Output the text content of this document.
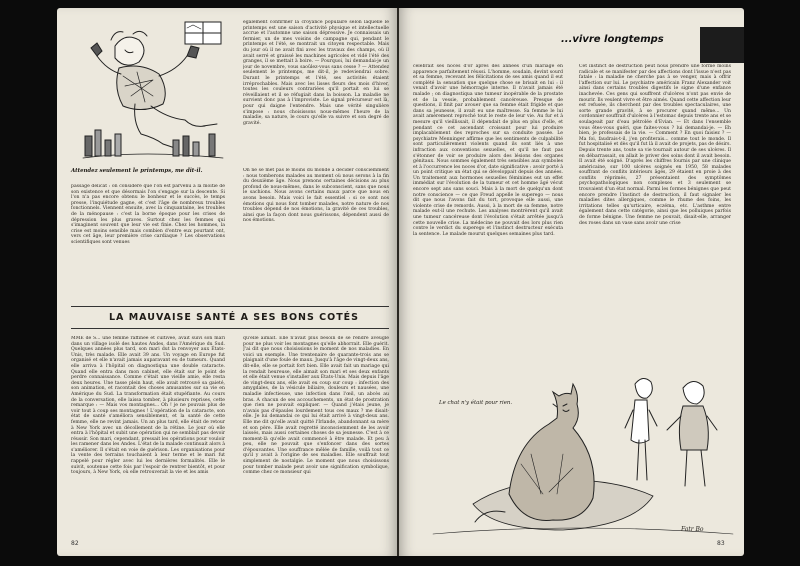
Attendez seulement le printemps, me dit-il.
également confirmer la croyance populaire selon laquelle le printemps est une saison d'activité physique et intellectuelle accrue et l'automne une saison dépressive. Je connaissais un fermier, un de mes voisins de campagne qui, pendant le printemps et l'été, se montrait un citoyen respectable. Mais du jour où il ne avait fini avec les travaux des champs, où il avait serré et graissé les machines agricoles et vidé l'été des granges, il se mettait à boire. — Pourquoi, lui demandai-je un jour de novembre, vous saoûlez-vous sans cesse ? — Attendez seulement le printemps, me dit-il, je redeviendrai sobre. Durant le printemps et l'été, ses activités étaient irréprochables. Mais avec les lisses fleurs des mois d'hiver, toutes les couleurs contrariées qu'il portait en lui se réveillaient et il se réfugiait dans la boisson. La maladie ne survient donc pas à l'improviste. Le signal précurseur est là, pour qui daigne l'entendre. Mais une vérité singulière s'impose : nous choisissons nous-mêmes l'heure de la maladie, sa nature, le cours qu'elle va suivre et son degré de gravité.
passage délicat : on considère que l'on est parvenu à la moitié de son existence et que désormais l'on s'engage sur la descente. Si l'on n'a pas encore obtenu le bonheur et le succès, le temps presse, l'inquiétude gagne, et c'est l'âge de nombreux troubles fonctionnels. Viennent ensuite, avec la cinquantaine, les troubles de la ménopause : c'est la borne époque pour les crises de dépression les plus graves. Surtout chez les femmes qui s'imaginent souvent que leur vie est finie. Chez les hommes, la crise est moins sensible mais combien d'entre eux pourtant ont, vers cet âge, leur première crise cardiaque ? Les observations scientifiques sont venues
On ne se met pas le moins du monde à décider consciemment : nous tomberons malades au moment où nous serons à la fin du deuxième âge. Nous prenons certaines décisions au plus profond de nous-mêmes, dans le subconscient, sans que nous le sachions. Nous avons certains maux parce que nous en avons besoin. Mais voici le fait essentiel : si ce sont nos émotions qui nous font tomber malades, notre nature de nos troubles dépend de nos émotions, la gravité de ces troubles, ainsi que la façon dont nous guérissons, dépendent aussi de nos émotions.
LA MAUVAISE SANTÉ A SES BONS COTÉS
MME de S... une femme raffinée et cultivée, avait suivi son mari dans un village isolé des hautes Andes, dans l'Amérique du Sud. Quelques années plus tard, son mari dut la renvoyer aux États-Unis, très malade. Elle avait 39 ans. Un voyage en Europe fut organisé et elle n'avait jamais auparavant eu de tumeurs. Quand elle arriva à l'hôpital on diagnostiqua une double cataracte. Quand elle entra dans mon cabinet, elle était sur le point de perdre connaissance. Comme c'était une vieille amie, elle resta deux heures. Une tasse plein haut, elle avait retrouvé sa gaieté, son animation, et racontait des choses amusantes sur sa vie en Amérique du Sud. La transformation était stupéfiante. Au cours de la conversation, elle laissa tomber, à plusieurs reprises, cette remarque : — Mais vos montagnes... Oh ! je ne pouvais plus de voir tout à coup ses montagnes ! L'opération de la cataracte, son état de santé s'améliora sensiblement, et la santé de cette femme, elle ne revint jamais. Un an plus tard, elle était de retour à New York avec un décollement de la rétine. Le jour où elle entra à l'hôpital et subit une opération qui ne semblait pas devoir réussir. Son mari, cependant, pressait les opérations pour vouloir les ramener dans les Andes. L'état de la malade continuait alors à s'améliorer. Il s'était en voie de guérison. Les organisations pour la vente des terrains touchaient à leur terme et le mari fut rappelé pour régler avec lui les dernières formalités. Elle le suivit, soutenue cette fois par l'espoir de rentrer bientôt, et pour toujours, à New York, où elle retrouverait la vie et les amis
qu'elle aimait. Elle n'avait plus besoin de se rendre aveugle pour ne plus voir les montagnes qu'elle abhorrait. Elle guérit. J'ai dit que nous choisissions le moment de nos maladies. En voici un exemple. Une trentenaire de quarante-trois ans se plaignait d'une foule de maux. Jusqu'à l'âge de vingt-deux ans, dit-elle, elle se portait fort bien. Elle avait fait un mariage qui la rendait heureuse, elle aimait son mari et ses deux enfants et elle était venue s'installer aux États-Unis. Mais depuis l'âge de vingt-deux ans, elle avait eu coup sur coup : infection des amygdales, de la vésicule biliaire, douleurs et nausées, une maladie infectieuse, une infection dans l'œil, un abcès au bras. A chacun de ses accouchements, un état de prostration que rien ne pouvait expliquer. — Quand j'étais jeune, je n'avais pas d'épaules lourdement tous ces maux ? me disait-elle. Je lui demandai ce qui lui était arrivé à vingt-deux ans. Elle me dit qu'elle avait quitté l'Irlande, abandonnant sa mère et son père. Elle avait regretté inconsciemment de les avoir laissés, mais aussi certaines choses de sa jeunesse. C'est à ce moment-là qu'elle avait commencé à être malade. Et peu à peu, elle ne pouvait que s'enfoncer dans des sortes d'épouvantes. Une souffrance mêlée de famille, voilà tout ce qu'il y avait à l'origine de ses maladies. Elle souffrait tout simplement de nostalgie. Le moment que nous choisissons pour tomber malade peut avoir une signification symbolique, comme chez ce monsieur qui
82
...vivre longtemps
célébrait ses noces d'or après des années d'un mariage en apparence parfaitement réussi. L'homme, soudain, devint sourd et sa femme, recevant les félicitations de ses amis quand il eut complété la sensation que quelque chose se brisait en lui : il venait d'avoir une hémorragie interne. Il n'avait jamais été malade ; on diagnostiqua une tumeur inopérable de la prostate et de la vessie, probablement cancéreuse. Presque de questions, il finit par avouer que sa femme était frigide et que dans sa jeunesse, il avait eu une maîtresse. Sa femme le lui avait amèrement reproché tout le reste de leur vie. Au fur et à mesure qu'il vieillissait, il dépendait de plus en plus d'elle, et pendant ce cet ascendant croissant pour lui produire implacablement des reproches sur sa conduite passée. Le psychiatre Menninger affirme que les sentiments de culpabilité sont particulièrement violents quand ils sont liés à une infraction aux conventions sexuelles, et qu'il ne faut pas s'étonner de voir se produire alors des lésions des organes génitaux. Nous sommes également très sensibles aux symboles et à l'occurrence les noces d'or, date significative : avoir porté à un point critique un état qui se développait depuis des années. Un traitement aux hormones sexuelles féminines eut un effet immédiat sur l'évolution de la tumeur et cet homme âgé vécut encore sept ans sans souci. Mais à la mort de quelqu'un dont notre conscience — ce que Freud appelle le superego — nous dit que nous l'avons fait du tort, provoque elle aussi, une violente crise de remords. Aussi, à la mort de sa femme, notre malade eut-il une rechute. Les analyses montrèrent qu'il avait une tumeur cancéreuse dont l'évolution s'était arrêtée jusqu'à cette nouvelle crise. La médecine ne pouvait des lors plus rien contre le verdict du superego et l'instinct destructeur exécuta la sentence. Le malade mourut quelques semaines plus tard.
Cet instinct de destruction peut nous prendre une forme moins radicale et se manifester par des affections dont l'issue n'est pas fatale : la maladie ne cherche pas à se venger, mais à offrir l'affection sur lui. Le psychiatre américain Franz Alexander voit ainsi dans certains troubles digestifs le signe d'une enfance inachevée. Ces gens qui souffrent d'ulcères n'ont pas envie de mourir. Ils veulent vivre et être aimés. Quand cette affection leur est refusée, ils cherchent par des troubles spectaculaires, une sorte grande gravité, à se procurer quand même... Un cordonnier souffrait d'ulcères à l'estomac depuis trente ans et se soulageait par d'eau pétrolée d'Evian. — Et dans l'ensemble vous êtes-vous guéri, que faites-vous ? lui demandai-je. — Eh bien, je professais de la vie. — Comment ? En quoi faisiez ? — Ma foi, faudrais-t-il, j'en profiterais... comme tout le monde. Il fut hospitalisé et dès qu'il fut là il avait de projets, pas de désirs. Depuis trente ans, toute sa vie tournait autour de ses ulcères. Il en débarrassait, on allait le priver des soins dont il avait besoin. Il avait été soigné. D'après les chiffres fournis par une clinique américaine, sur 100 ulcères soignés en 1950, 58 malades souffrant de conflits intérieurs âgés, 29 étaient en proie à des conflits réprimés, 27 présentaient des symptômes psychopathologiques non complexes et 3 seulement se trouvaient d'un état normal. Parmi les formes bénignes que peut encore prendre l'instinct de destruction, il faut signaler les maladies dites allergiques, comme le rhume des foins, les irritations telles qu'urticaire, eczéma, etc. L'asthme entre également dans cette catégorie, ainsi que les polluiques parfois de forme bénigne. Une femme ne pouvait, disait-elle, arranger des roses dans un vase sans avoir une crise
Le chat n'y était pour rien.
Fatr Bo
83
